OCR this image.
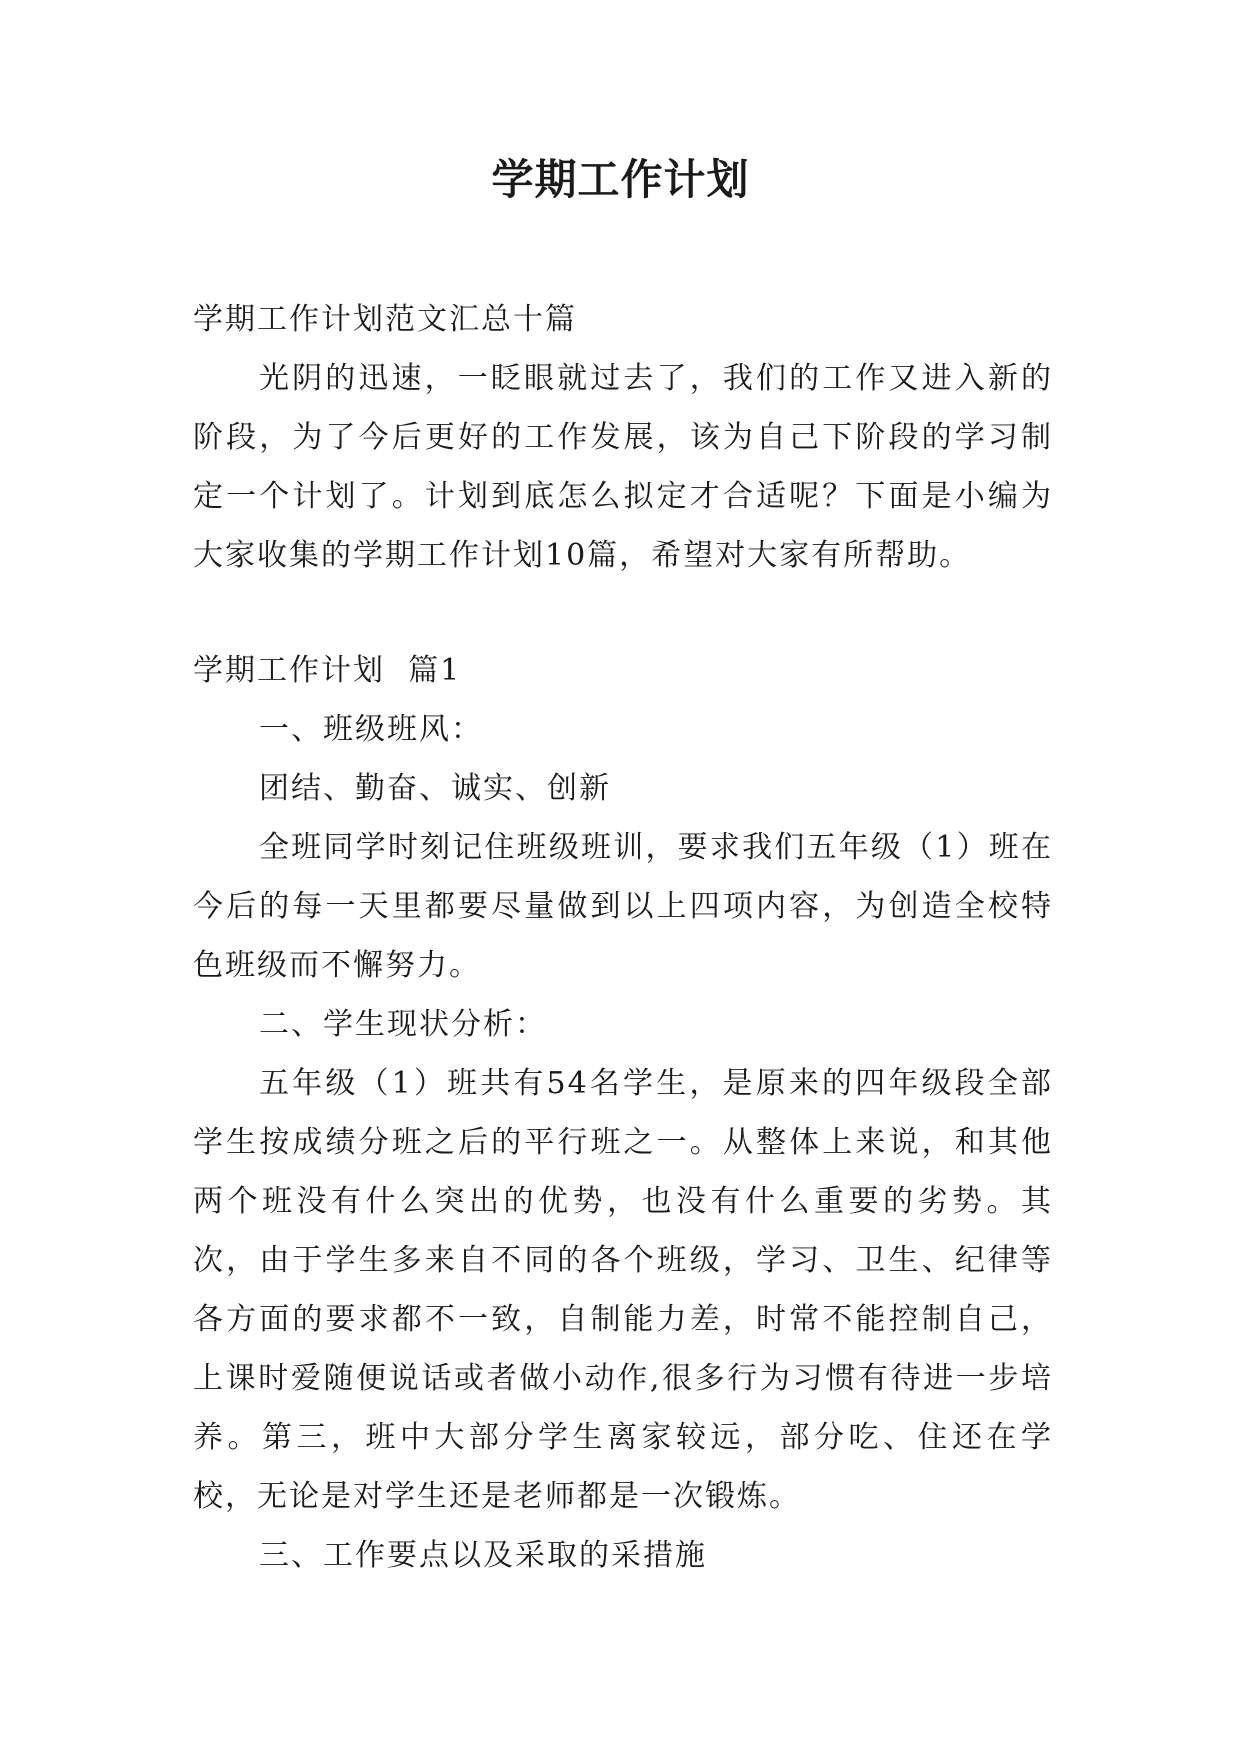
学期工作计划

学期工作计划范文汇总十篇

光阴的迅速，一眨眼就过去了，我们的工作又进入新的阶段，为了今后更好的工作发展，该为自己下阶段的学习制定一个计划了。计划到底怎么拟定才合适呢？下面是小编为大家收集的学期工作计划10篇，希望对大家有所帮助。

学期工作计划  篇1

一、班级班风：

团结、勤奋、诚实、创新

全班同学时刻记住班级班训，要求我们五年级（1）班在今后的每一天里都要尽量做到以上四项内容，为创造全校特色班级而不懈努力。

二、学生现状分析：

五年级（1）班共有54名学生，是原来的四年级段全部学生按成绩分班之后的平行班之一。从整体上来说，和其他两个班没有什么突出的优势，也没有什么重要的劣势。其次，由于学生多来自不同的各个班级，学习、卫生、纪律等各方面的要求都不一致，自制能力差，时常不能控制自己，上课时爱随便说话或者做小动作,很多行为习惯有待进一步培养。第三，班中大部分学生离家较远，部分吃、住还在学校，无论是对学生还是老师都是一次锻炼。

三、工作要点以及采取的采措施
